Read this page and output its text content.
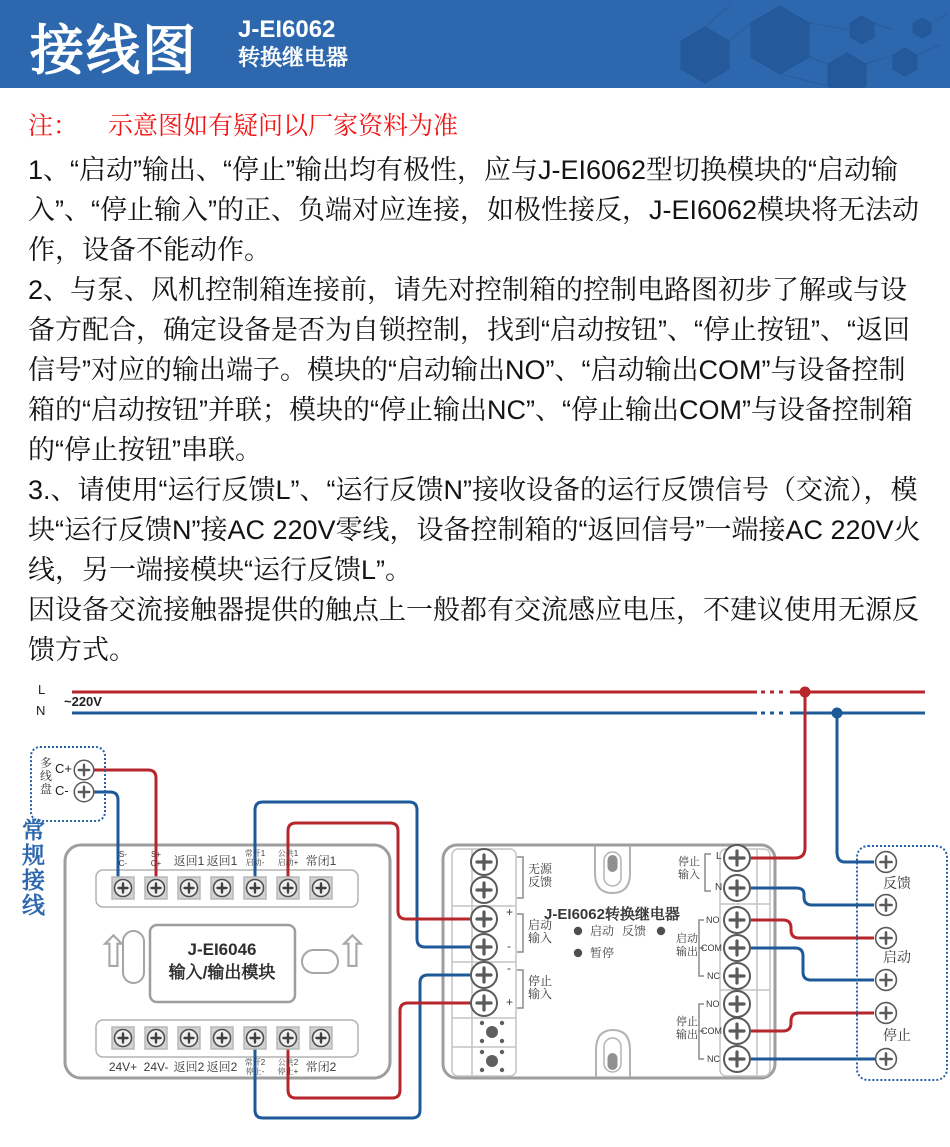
接线图 J-EI6062
转换继电器
注： 示意图如有疑问以厂家资料为准

1、“启动”输出、“停止”输出均有极性，应与J-EI6062型切换模块的“启动输入”、“停止输入”的正、负端对应连接，如极性接反，J-EI6062模块将无法动作，设备不能动作。

2、与泵、风机控制箱连接前，请先对控制箱的控制电路图初步了解或与设备方配合，确定设备是否为自锁控制，找到“启动按钮”、“停止按钮”、“返回信号”对应的输出端子。模块的“启动输出NO”、“启动输出COM”与设备控制箱的“启动按钮”并联；模块的“停止输出NC”、“停止输出COM”与设备控制箱的“停止按钮”串联。

3.、请使用“运行反馈L”、“运行反馈N”接收设备的运行反馈信号（交流），模块“运行反馈N”接AC 220V零线，设备控制箱的“返回信号”一端接AC 220V火线，另一端接模块“运行反馈L”。

因设备交流接触器提供的触点上一般都有交流感应电压，不建议使用无源反馈方式。

L
N
~220V
多
线
盘
C+
C-
常
规
接
线
S-
C-
S+
C+ 返回1 返回1
常开1
启动-
公共1
启动+ 常闭1
24V+ 24V- 返回2 返回2 常开2
停止-
公共2
停止+ 常闭2
J-EI6046
输入/输出模块
⇧	⇧
J-EI6062转换继电器
启动 反馈
暂停
无源
反馈
+
启动
输入
-
-
停止
输入
+
停止
输入
L
N
启动
输出
NO
COM
NC
停止
输出
NO
COM
NC
反馈
启动
停止
